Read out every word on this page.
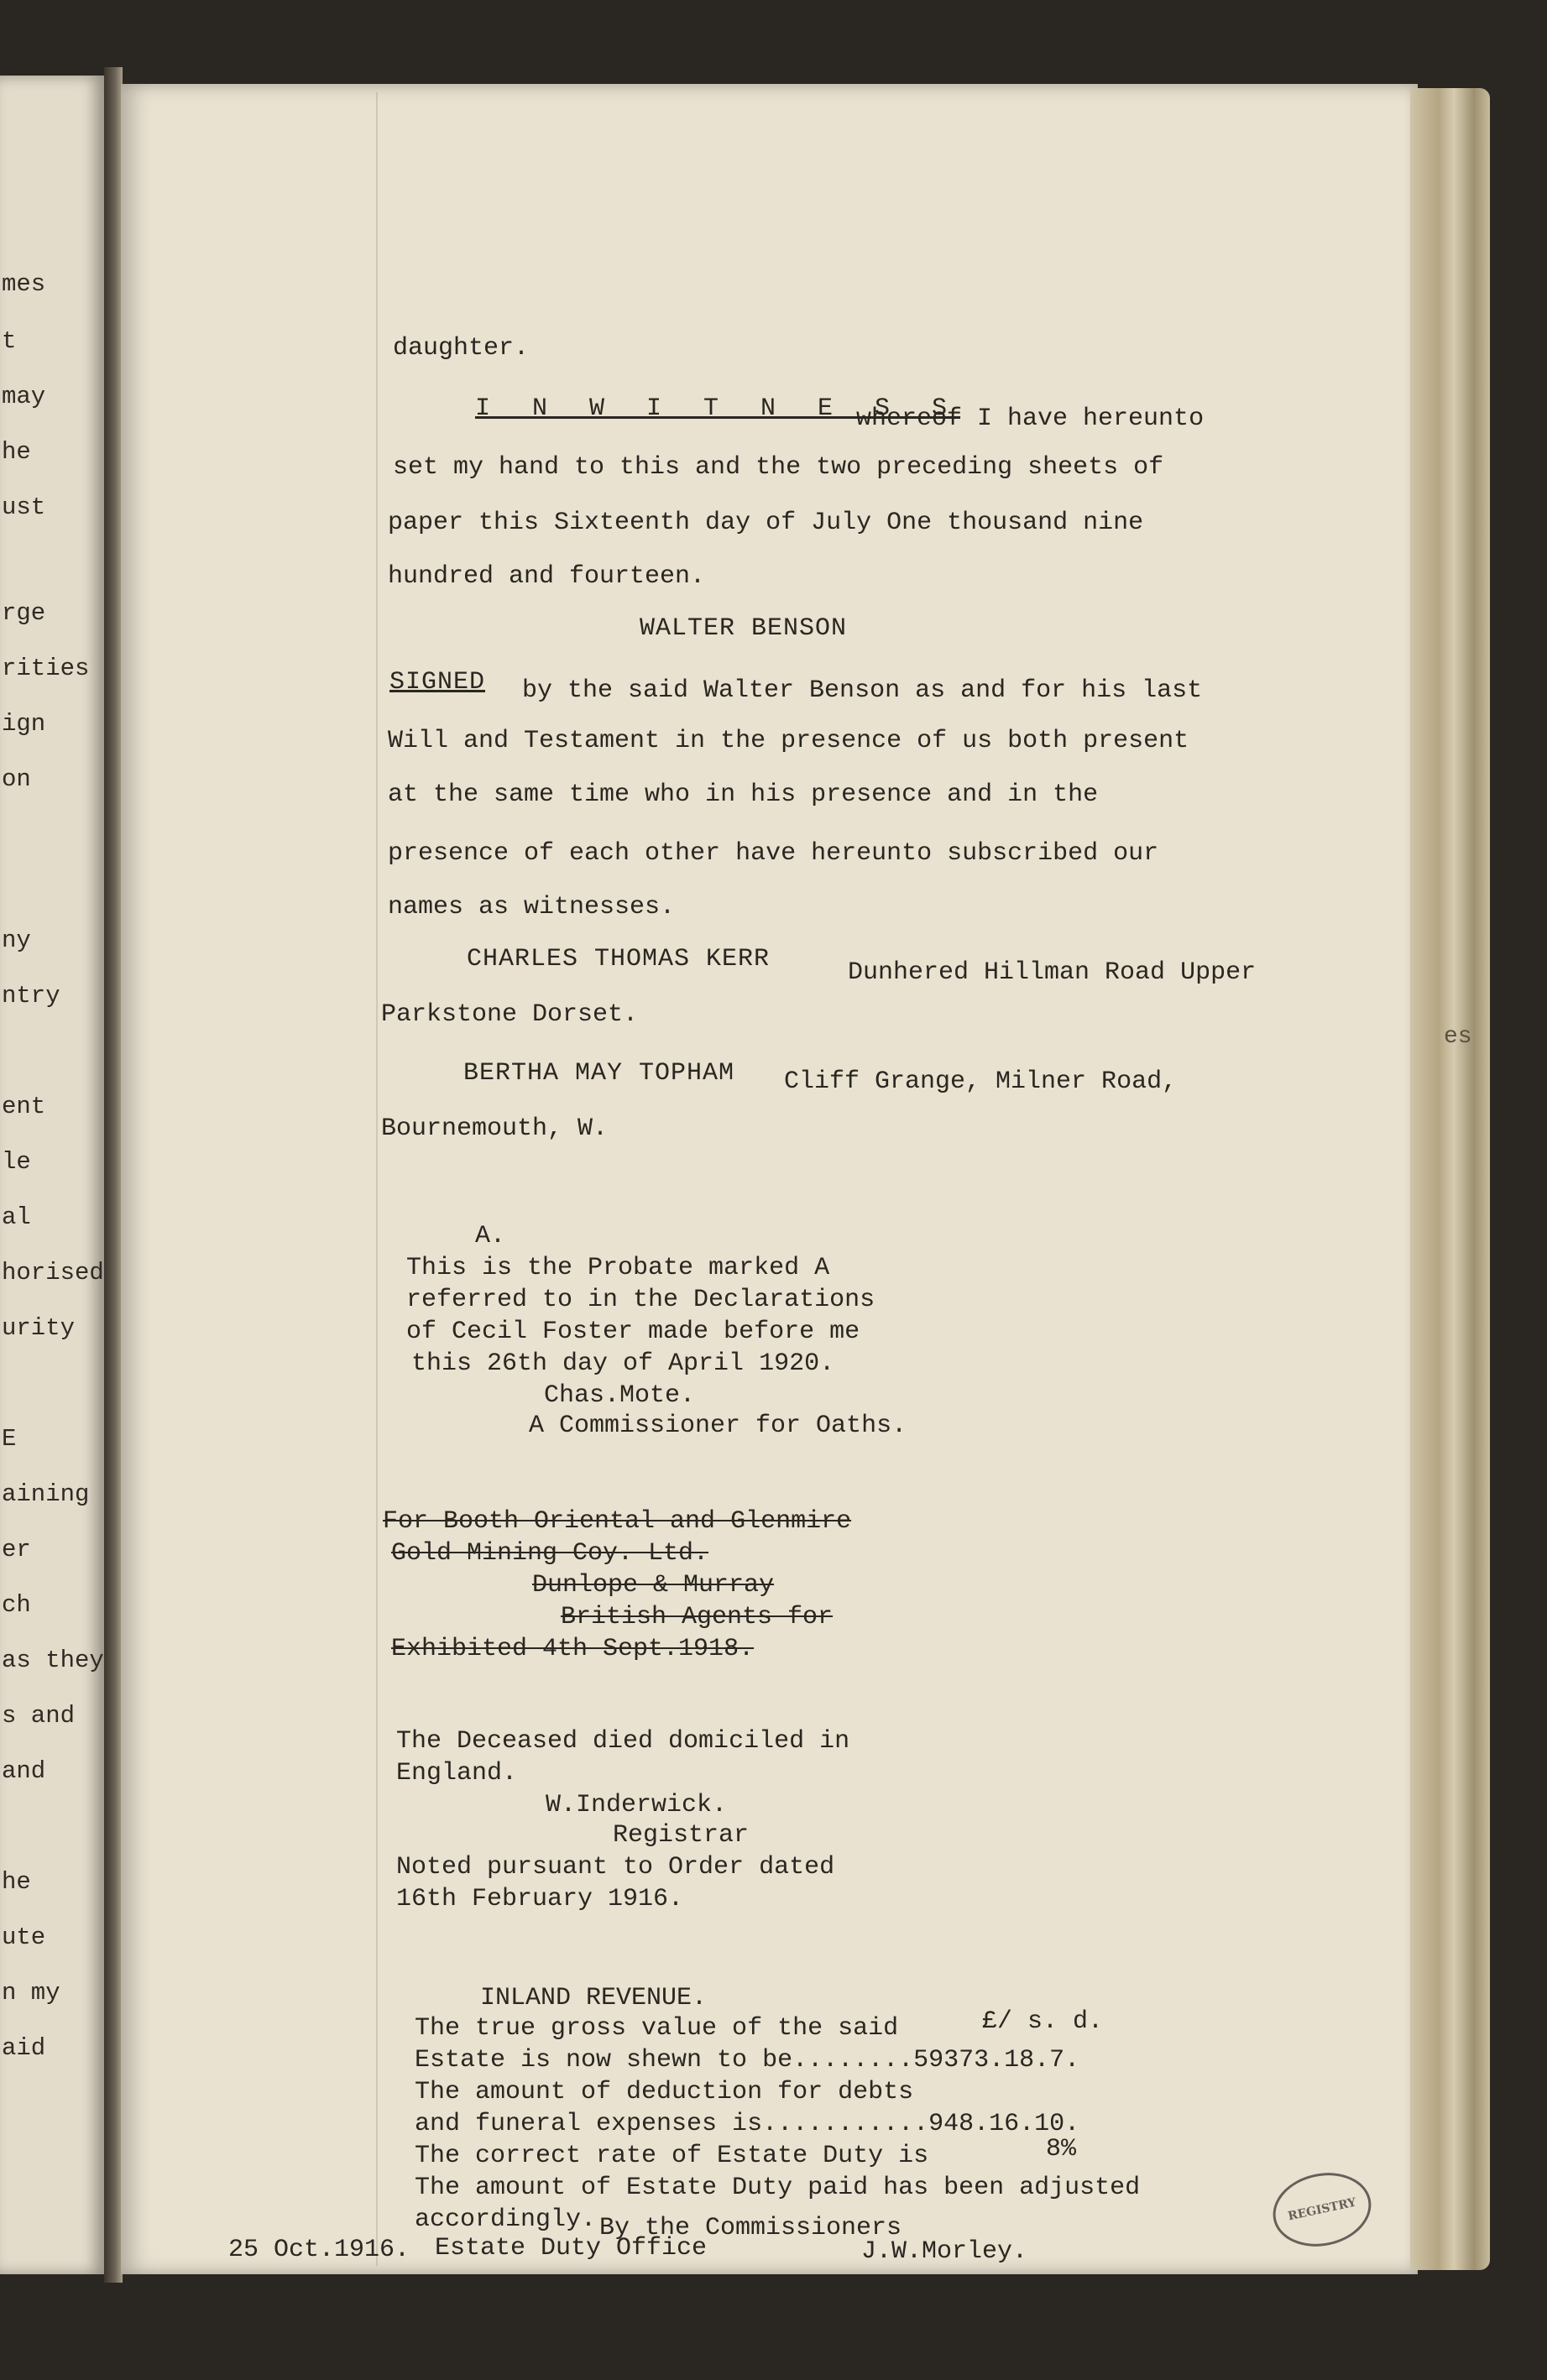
mes
t
may
he
ust
rge
rities
ign
on
ny
ntry
ent
le
al
horised
urity
E
aining
er
ch
as they
s and
and
he
ute
n my
aid
es
daughter.
I N W I T N E S S
whereof I have hereunto
set my hand to this and the two preceding sheets of
paper this Sixteenth day of July One thousand nine
hundred and fourteen.
WALTER BENSON
SIGNED by the said Walter Benson as and for his last
Will and Testament in the presence of us both present
at the same time who in his presence and in the
presence of each other have hereunto subscribed our
names as witnesses.
CHARLES THOMAS KERR	Dunhered Hillman Road Upper
Parkstone Dorset.
BERTHA MAY TOPHAM Cliff Grange, Milner Road,
Bournemouth, W.
A.
This is the Probate marked A
referred to in the Declarations
of Cecil Foster made before me
this 26th day of April 1920.
Chas.Mote.
A Commissioner for Oaths.
For Booth Oriental and Glenmire
Gold Mining Coy. Ltd.
Dunlope & Murray
British Agents for
Exhibited 4th Sept.1918.
The Deceased died domiciled in
England.
W.Inderwick.
Registrar
Noted pursuant to Order dated
16th February 1916.
INLAND REVENUE.
The true gross value of the said	£/ s. d.
Estate is now shewn to be........59373.18.7.
The amount of deduction for debts
and funeral expenses is...........948.16.10.
The correct rate of Estate Duty is	8%
The amount of Estate Duty paid has been adjusted
accordingly. By the Commissioners
25 Oct.1916. Estate Duty Office	J.W.Morley.
REGISTRY
